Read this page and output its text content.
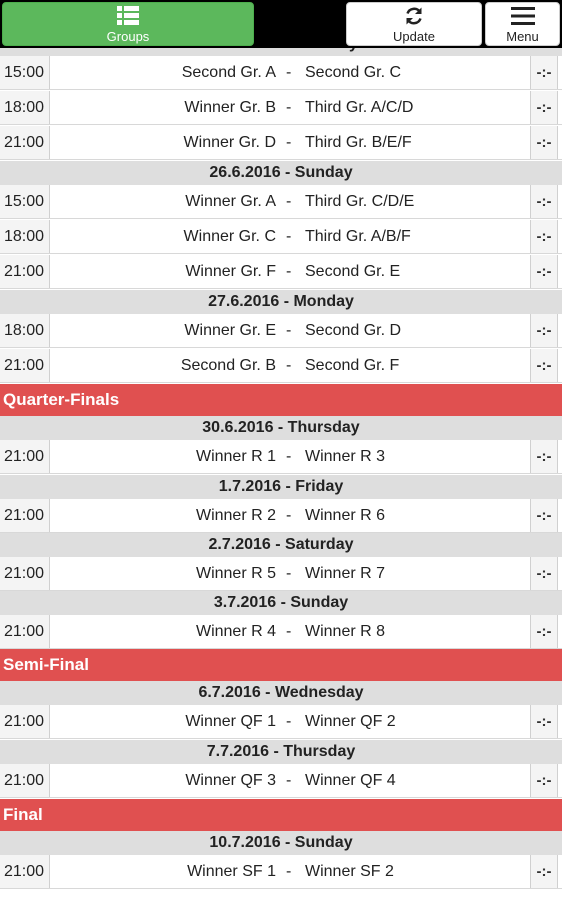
15:00	Second Gr. A - Second Gr. C	-:-
18:00	Winner Gr. B - Third Gr. A/C/D	-:-
21:00	Winner Gr. D - Third Gr. B/E/F	-:-
26.6.2016 - Sunday
15:00	Winner Gr. A - Third Gr. C/D/E	-:-
18:00	Winner Gr. C - Third Gr. A/B/F	-:-
21:00	Winner Gr. F - Second Gr. E	-:-
27.6.2016 - Monday
18:00	Winner Gr. E - Second Gr. D	-:-
21:00	Second Gr. B - Second Gr. F	-:-
Quarter-Finals
30.6.2016 - Thursday
21:00	Winner R 1 - Winner R 3	-:-
1.7.2016 - Friday
21:00	Winner R 2 - Winner R 6	-:-
2.7.2016 - Saturday
21:00	Winner R 5 - Winner R 7	-:-
3.7.2016 - Sunday
21:00	Winner R 4 - Winner R 8	-:-
Semi-Final
6.7.2016 - Wednesday
21:00	Winner QF 1 - Winner QF 2	-:-
7.7.2016 - Thursday
21:00	Winner QF 3 - Winner QF 4	-:-
Final
10.7.2016 - Sunday
21:00	Winner SF 1 - Winner SF 2	-:-
Groups	Update	Menu
